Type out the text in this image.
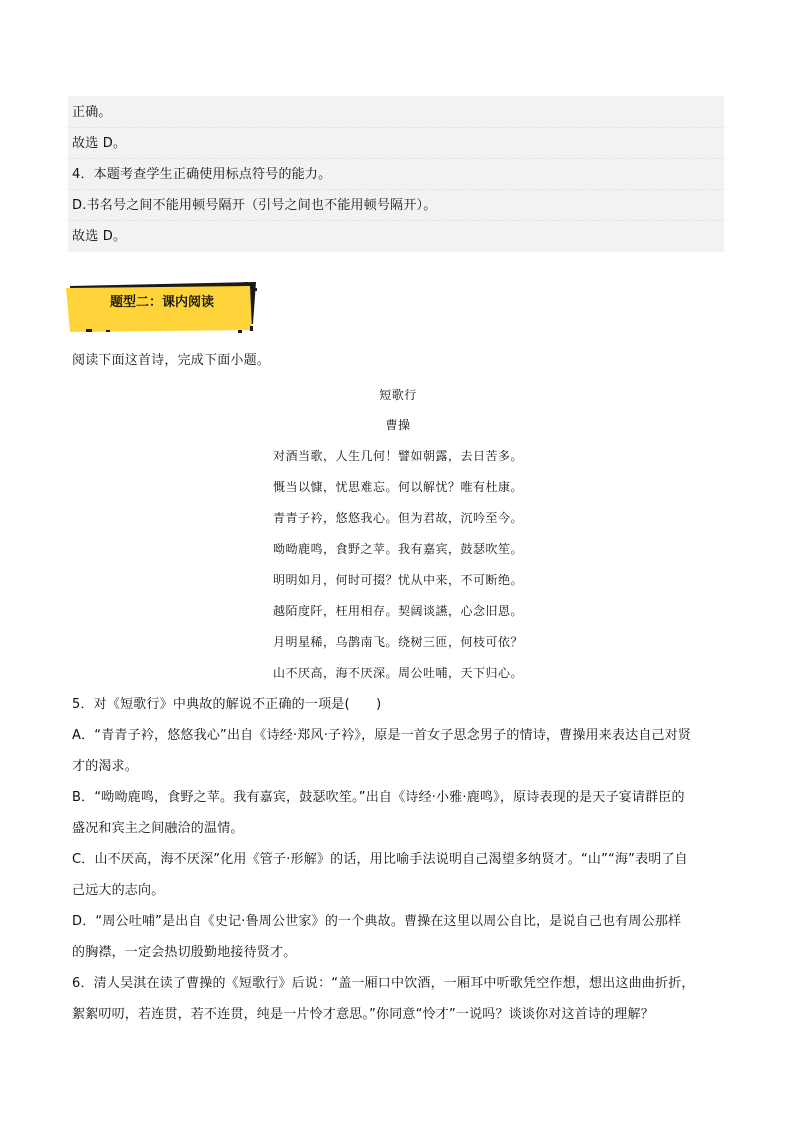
正确。
故选 D。
4．本题考查学生正确使用标点符号的能力。
D.书名号之间不能用顿号隔开（引号之间也不能用顿号隔开）。
故选 D。
题型二：课内阅读
阅读下面这首诗，完成下面小题。
短歌行
曹操
对酒当歌，人生几何！譬如朝露，去日苦多。
慨当以慷，忧思难忘。何以解忧？唯有杜康。
青青子衿，悠悠我心。但为君故，沉吟至今。
呦呦鹿鸣，食野之苹。我有嘉宾，鼓瑟吹笙。
明明如月，何时可掇？忧从中来，不可断绝。
越陌度阡，枉用相存。契阔谈讌，心念旧恩。
月明星稀，乌鹊南飞。绕树三匝，何枝可依？
山不厌高，海不厌深。周公吐哺，天下归心。
5．对《短歌行》中典故的解说不正确的一项是(　　)
A．“青青子衿，悠悠我心”出自《诗经·郑风·子衿》，原是一首女子思念男子的情诗，曹操用来表达自己对贤
才的渴求。
B．“呦呦鹿鸣，食野之苹。我有嘉宾，鼓瑟吹笙。”出自《诗经·小雅·鹿鸣》，原诗表现的是天子宴请群臣的
盛况和宾主之间融洽的温情。
C．山不厌高，海不厌深”化用《管子·形解》的话，用比喻手法说明自己渴望多纳贤才。“山”“海”表明了自
己远大的志向。
D．“周公吐哺”是出自《史记·鲁周公世家》的一个典故。曹操在这里以周公自比，是说自己也有周公那样
的胸襟，一定会热切殷勤地接待贤才。
6．清人吴淇在读了曹操的《短歌行》后说：“盖一厢口中饮酒，一厢耳中听歌凭空作想，想出这曲曲折折，
絮絮叨叨，若连贯，若不连贯，纯是一片怜才意思。”你同意“怜才”一说吗？谈谈你对这首诗的理解？
